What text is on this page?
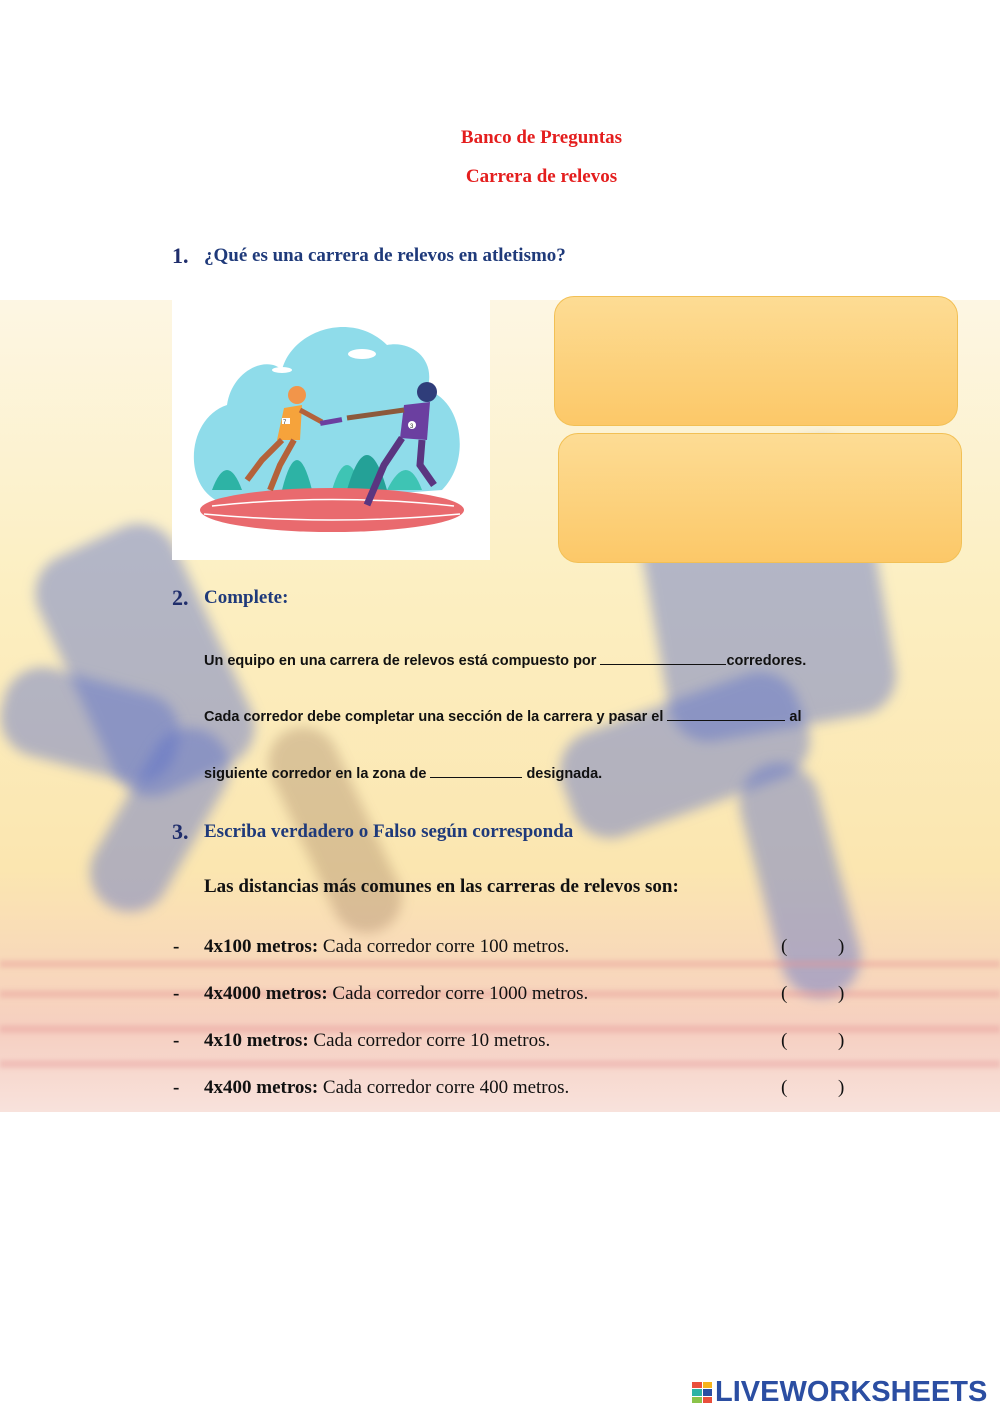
Banco de Preguntas
Carrera de relevos
1. ¿Qué es una carrera de relevos en atletismo?
7
3
2. Complete:
Un equipo en una carrera de relevos está compuesto por	corredores.
Cada corredor debe completar una sección de la carrera y pasar el	al
siguiente corredor en la zona de	designada.
3. Escriba verdadero o Falso según corresponda
Las distancias más comunes en las carreras de relevos son:
- 4x100 metros: Cada corredor corre 100 metros.	(	)
- 4x4000 metros: Cada corredor corre 1000 metros.	(	)
- 4x10 metros: Cada corredor corre 10 metros.	(	)
- 4x400 metros: Cada corredor corre 400 metros.	(	)
LIVEWORKSHEETS
